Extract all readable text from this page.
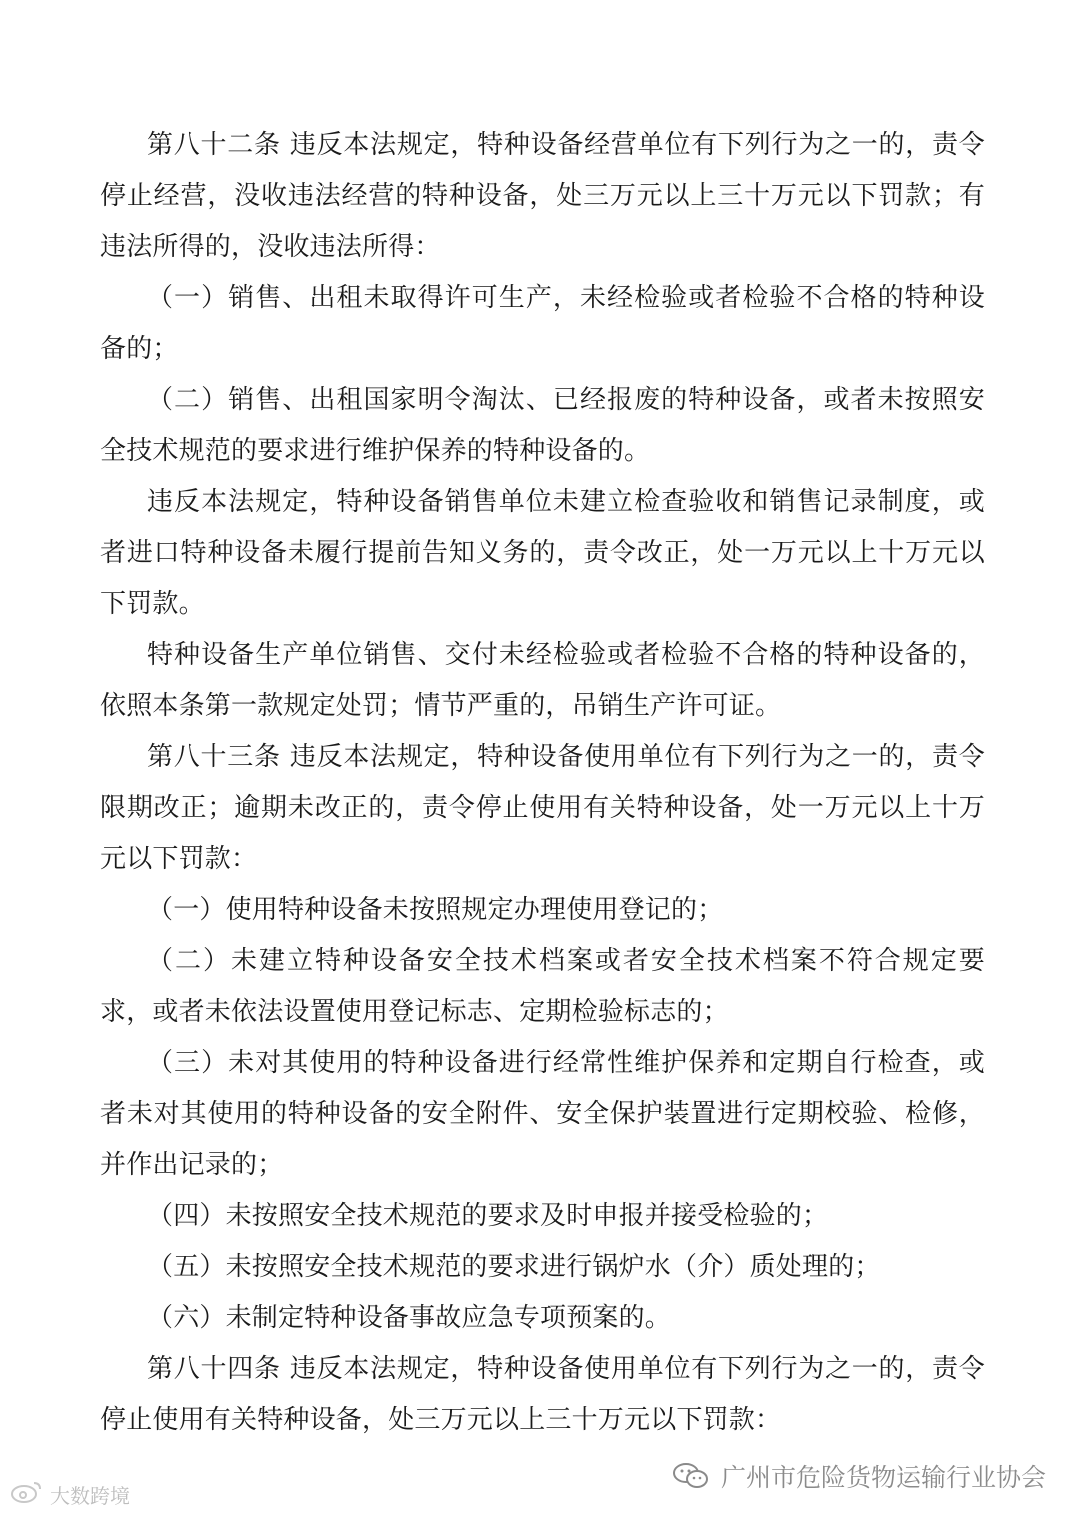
第八十二条 违反本法规定，特种设备经营单位有下列行为之一的，责令停止经营，没收违法经营的特种设备，处三万元以上三十万元以下罚款；有违法所得的，没收违法所得：

（一）销售、出租未取得许可生产，未经检验或者检验不合格的特种设备的；

（二）销售、出租国家明令淘汰、已经报废的特种设备，或者未按照安全技术规范的要求进行维护保养的特种设备的。

违反本法规定，特种设备销售单位未建立检查验收和销售记录制度，或者进口特种设备未履行提前告知义务的，责令改正，处一万元以上十万元以下罚款。

特种设备生产单位销售、交付未经检验或者检验不合格的特种设备的，依照本条第一款规定处罚；情节严重的，吊销生产许可证。

第八十三条 违反本法规定，特种设备使用单位有下列行为之一的，责令限期改正；逾期未改正的，责令停止使用有关特种设备，处一万元以上十万元以下罚款：

（一）使用特种设备未按照规定办理使用登记的；

（二）未建立特种设备安全技术档案或者安全技术档案不符合规定要求，或者未依法设置使用登记标志、定期检验标志的；

（三）未对其使用的特种设备进行经常性维护保养和定期自行检查，或者未对其使用的特种设备的安全附件、安全保护装置进行定期校验、检修，并作出记录的；

（四）未按照安全技术规范的要求及时申报并接受检验的；

（五）未按照安全技术规范的要求进行锅炉水（介）质处理的；

（六）未制定特种设备事故应急专项预案的。

第八十四条 违反本法规定，特种设备使用单位有下列行为之一的，责令停止使用有关特种设备，处三万元以上三十万元以下罚款：

大数跨境
广州市危险货物运输行业协会
